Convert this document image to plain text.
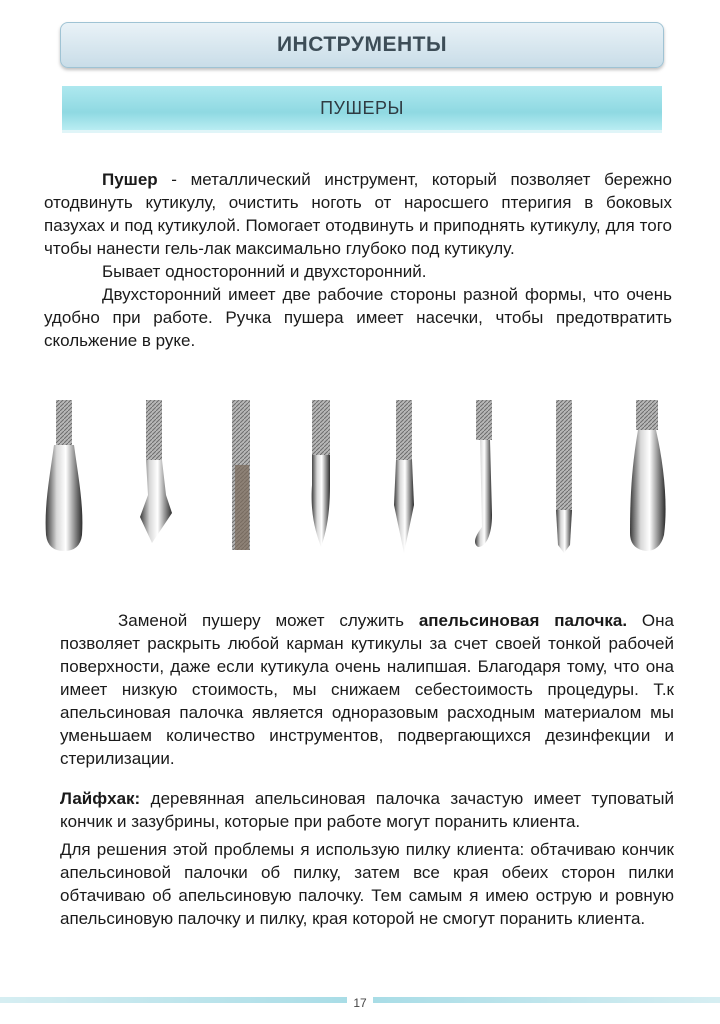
ИНСТРУМЕНТЫ
ПУШЕРЫ

Пушер - металлический инструмент, который позволяет бережно отодвинуть кутикулу, очистить ноготь от наросшего птеригия в боковых пазухах и под кутикулой. Помогает отодвинуть и приподнять кутикулу, для того чтобы нанести гель-лак максимально глубоко под кутикулу.

Бывает односторонний и двухсторонний.

Двухсторонний имеет две рабочие стороны разной формы, что очень удобно при работе. Ручка пушера имеет насечки, чтобы предотвратить скольжение в руке.

Заменой пушеру может служить апельсиновая палочка. Она позволяет раскрыть любой карман кутикулы за счет своей тонкой рабочей поверхности, даже если кутикула очень налипшая. Благодаря тому, что она имеет низкую стоимость, мы снижаем себестоимость процедуры. Т.к апельсиновая палочка является одноразовым расходным материалом мы уменьшаем количество инструментов, подвергающихся дезинфекции и стерилизации.

Лайфхак: деревянная апельсиновая палочка зачастую имеет туповатый кончик и зазубрины, которые при работе могут поранить клиента.

Для решения этой проблемы я использую пилку клиента: обтачиваю кончик апельсиновой палочки об пилку, затем все края обеих сторон пилки обтачиваю об апельсиновую палочку. Тем самым я имею острую и ровную апельсиновую палочку и пилку, края которой не смогут поранить клиента.

17
